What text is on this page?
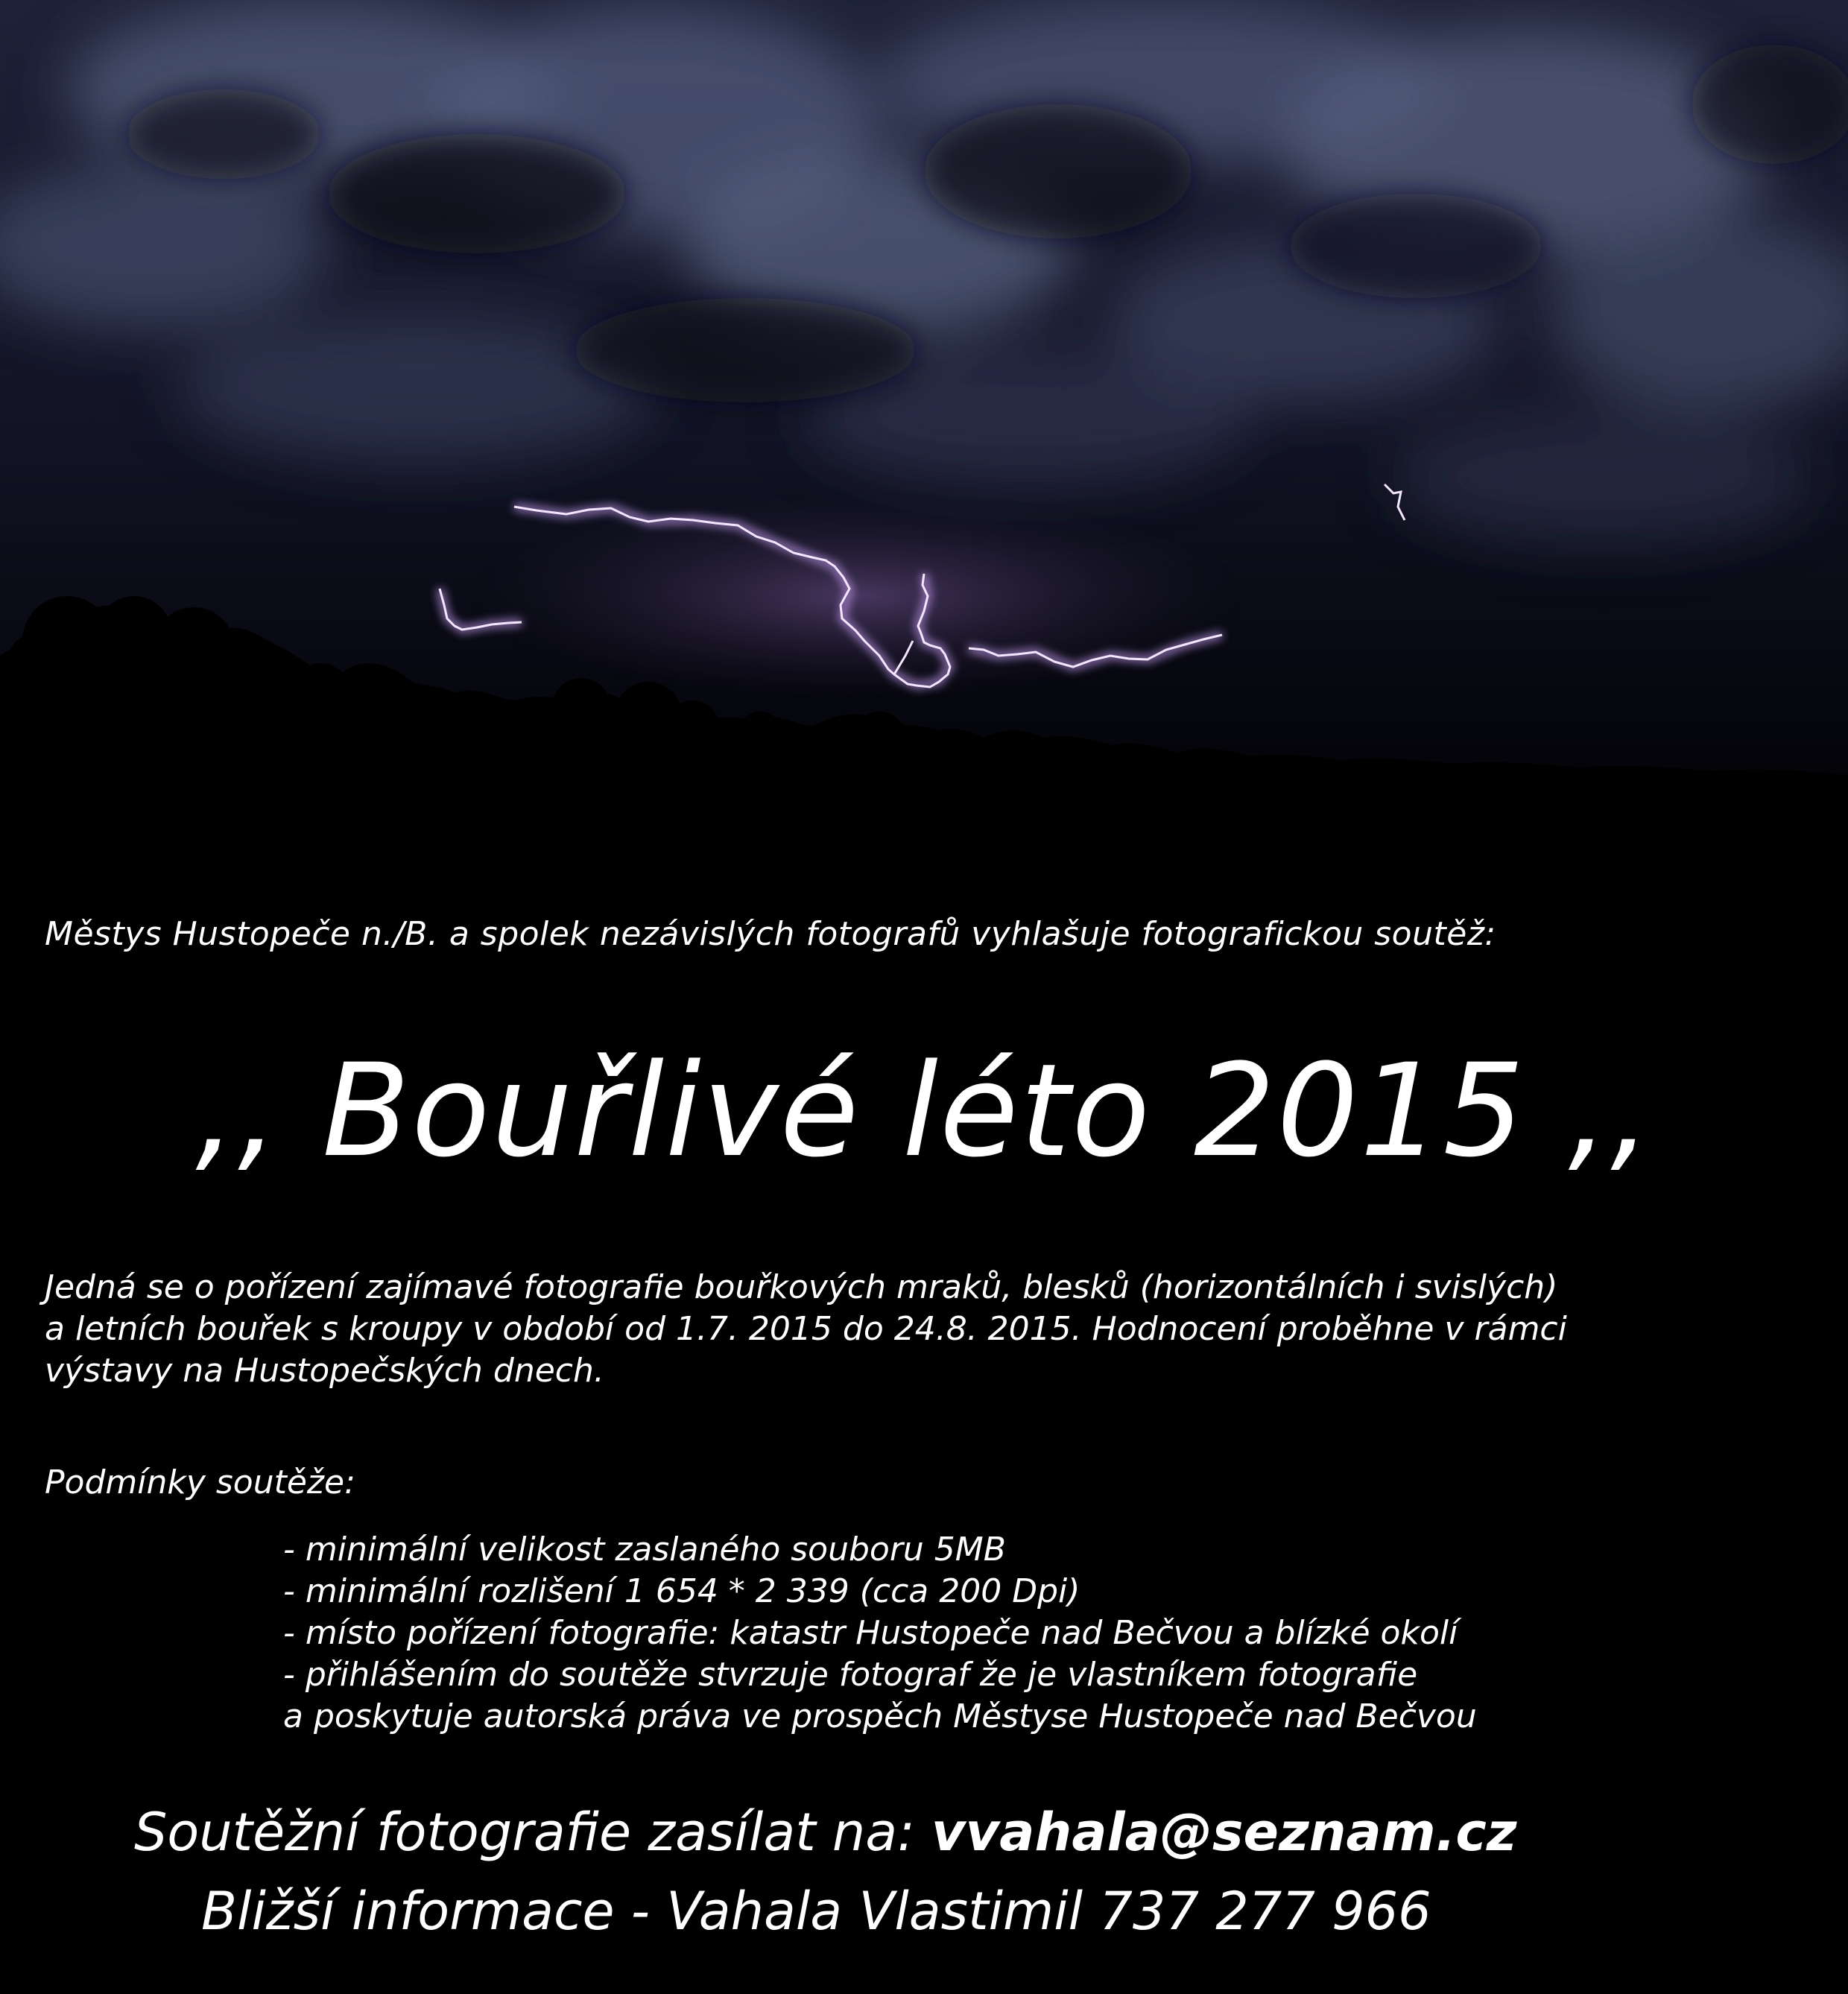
Městys Hustopeče n./B. a spolek nezávislých fotografů vyhlašuje fotografickou soutěž:
,, Bouřlivé léto 2015 ,,
Jedná se o pořízení zajímavé fotografie bouřkových mraků, blesků (horizontálních i svislých)
a letních bouřek s kroupy v období od 1.7. 2015 do 24.8. 2015. Hodnocení proběhne v rámci
výstavy na Hustopečských dnech.
Podmínky soutěže:
- minimální velikost zaslaného souboru 5MB
- minimální rozlišení 1 654 * 2 339 (cca 200 Dpi)
- místo pořízení fotografie: katastr Hustopeče nad Bečvou a blízké okolí
- přihlášením do soutěže stvrzuje fotograf že je vlastníkem fotografie
a poskytuje autorská práva ve prospěch Městyse Hustopeče nad Bečvou
Soutěžní fotografie zasílat na: vvahala@seznam.cz
Bližší informace - Vahala Vlastimil 737 277 966
